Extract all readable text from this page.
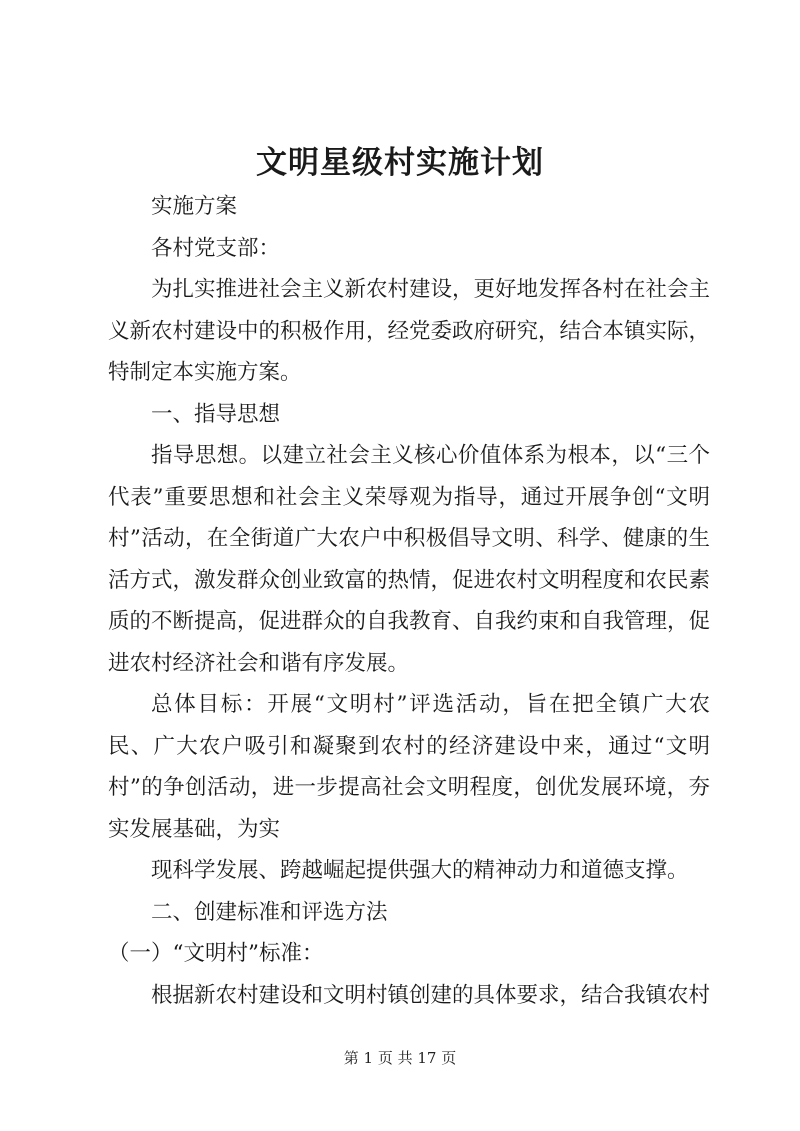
文明星级村实施计划

实施方案

各村党支部：

为扎实推进社会主义新农村建设，更好地发挥各村在社会主义新农村建设中的积极作用，经党委政府研究，结合本镇实际，特制定本实施方案。

一、指导思想

指导思想。以建立社会主义核心价值体系为根本，以“三个代表”重要思想和社会主义荣辱观为指导，通过开展争创“文明村”活动，在全街道广大农户中积极倡导文明、科学、健康的生活方式，激发群众创业致富的热情，促进农村文明程度和农民素质的不断提高，促进群众的自我教育、自我约束和自我管理，促进农村经济社会和谐有序发展。

总体目标：开展“文明村”评选活动，旨在把全镇广大农民、广大农户吸引和凝聚到农村的经济建设中来，通过“文明村”的争创活动，进一步提高社会文明程度，创优发展环境，夯实发展基础，为实

现科学发展、跨越崛起提供强大的精神动力和道德支撑。

二、创建标准和评选方法

（一）“文明村”标准：

根据新农村建设和文明村镇创建的具体要求，结合我镇农村

第 1 页 共 17 页
